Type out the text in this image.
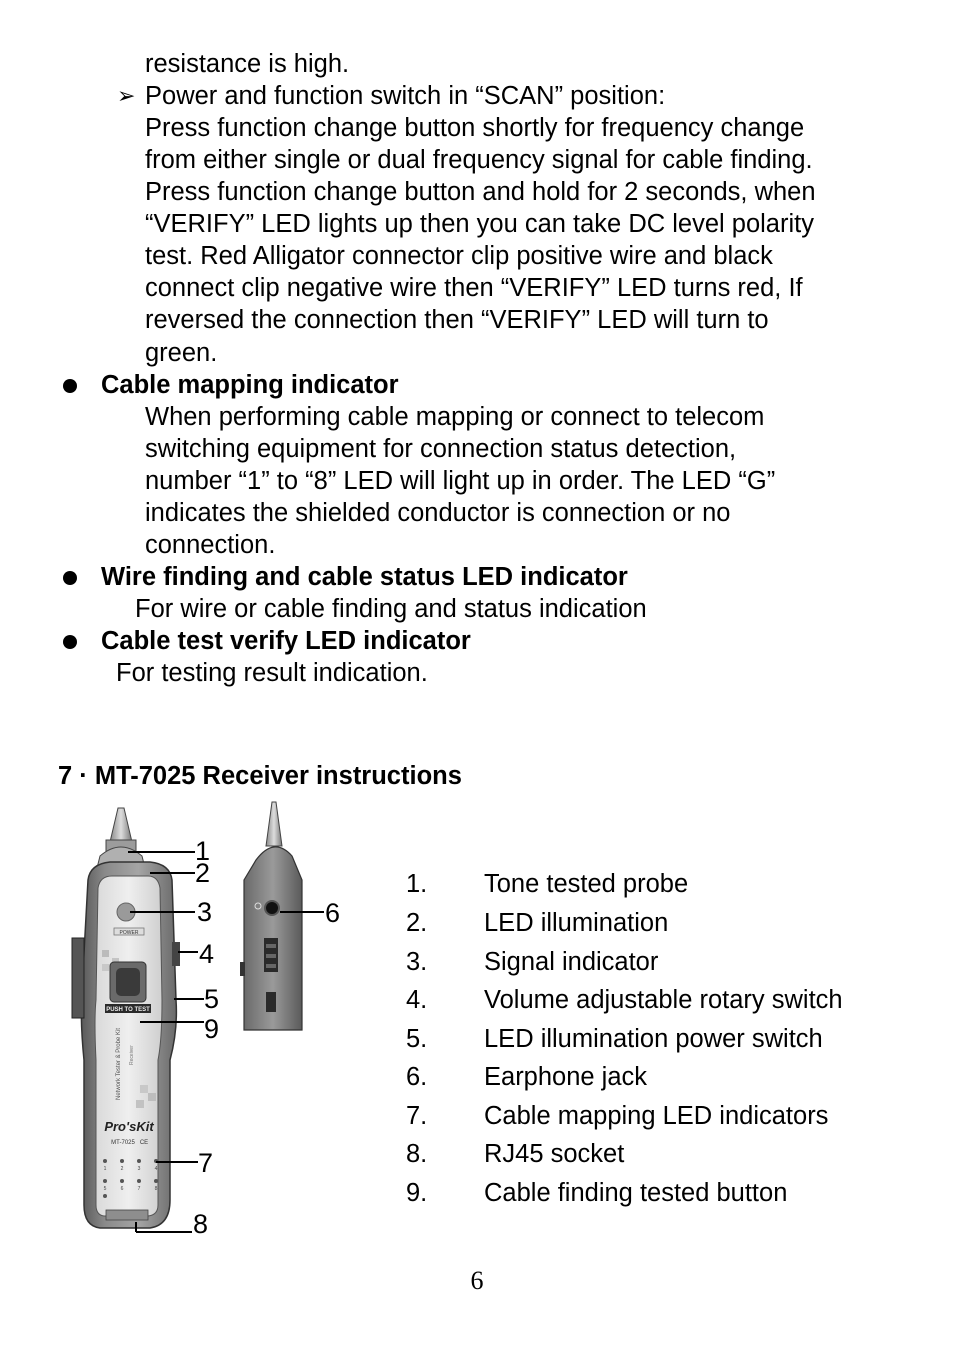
resistance is high.
➢ Power and function switch in “SCAN” position:
Press function change button shortly for frequency change
from either single or dual frequency signal for cable finding.
Press function change button and hold for 2 seconds, when
“VERIFY” LED lights up then you can take DC level polarity
test. Red Alligator connector clip positive wire and black
connect clip negative wire then “VERIFY” LED turns red, If
reversed the connection then “VERIFY” LED will turn to
green.
Cable mapping indicator
When performing cable mapping or connect to telecom
switching equipment for connection status detection,
number “1” to “8” LED will light up in order. The LED “G”
indicates the shielded conductor is connection or no
connection.
Wire finding and cable status LED indicator
For wire or cable finding and status indication
Cable test verify LED indicator
For testing result indication.
7 · MT-7025 Receiver instructions
POWER
PUSH TO TEST
Network Tester & Probe Kit Receiver
Pro'sKit
MT-7025 CE
1	2	3	4
5	6	7	8
1
2
3
4
5
9
6
7
8
1. Tone tested probe
2. LED illumination
3. Signal indicator
4. Volume adjustable rotary switch
5. LED illumination power switch
6. Earphone jack
7. Cable mapping LED indicators
8. RJ45 socket
9. Cable finding tested button
6
